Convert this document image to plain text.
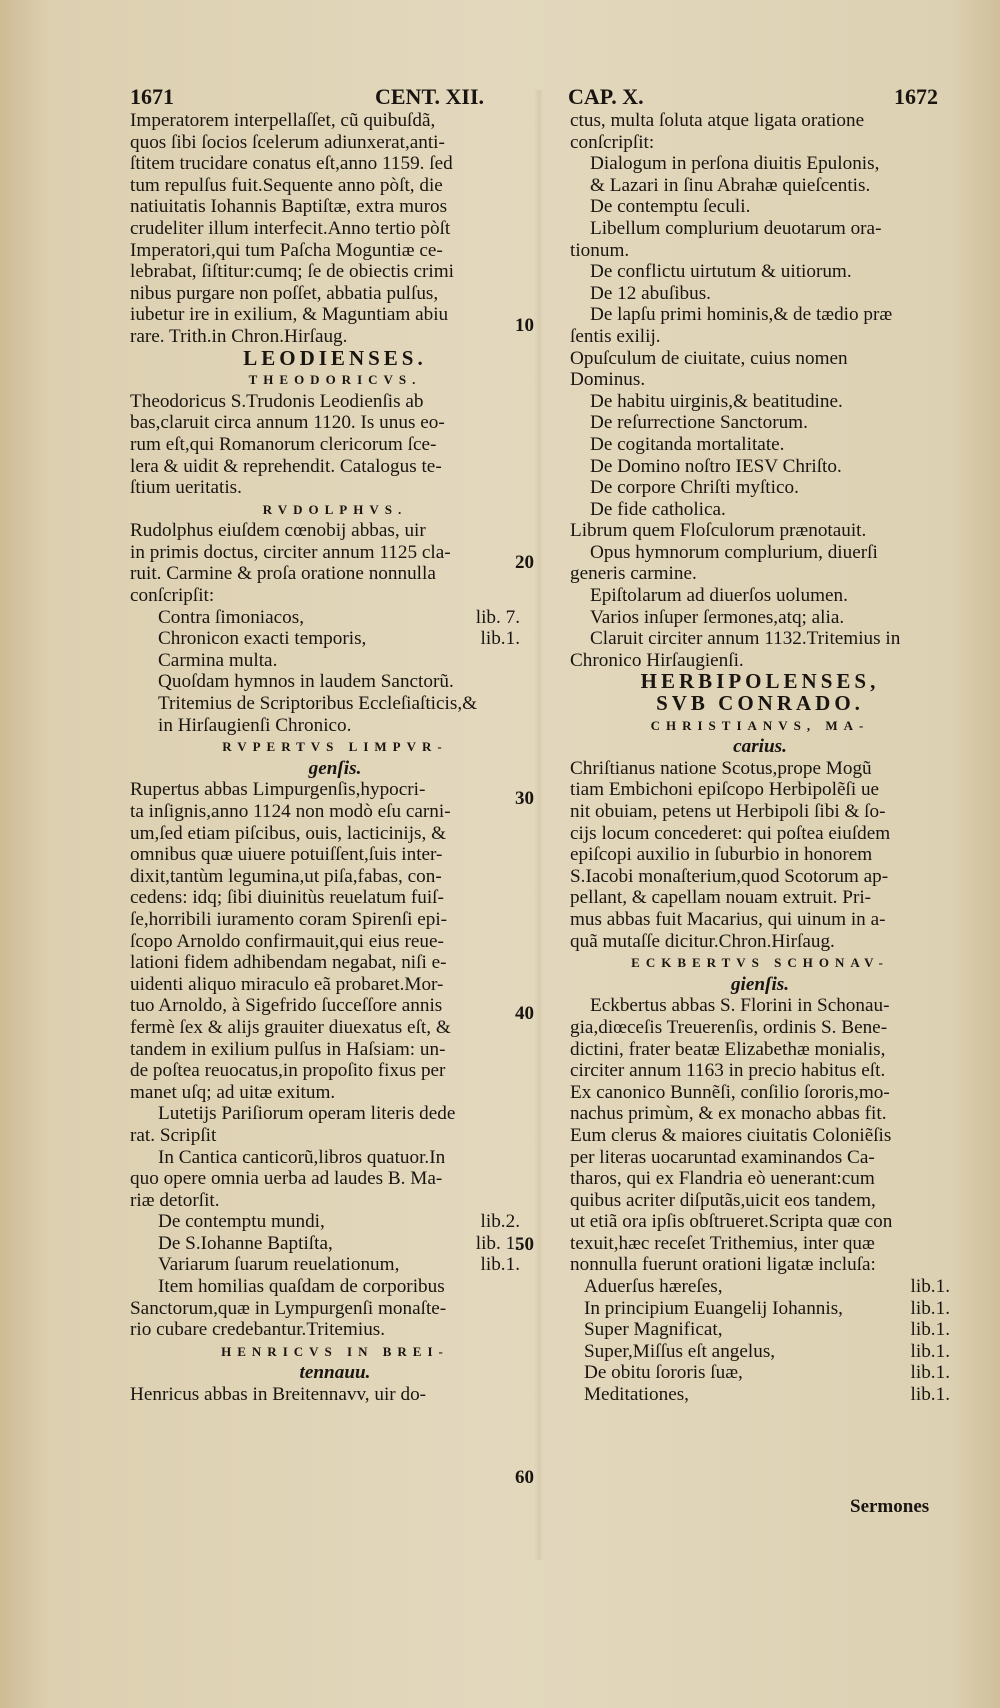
1671	CENT. XII.	CAP. X.	1672
Imperatorem interpellaſſet, cũ quibuſdã,
quos ſibi ſocios ſcelerum adiunxerat,anti-
ſtitem trucidare conatus eſt,anno 1159. ſed
tum repulſus fuit.Sequente anno pòſt, die
natiuitatis Iohannis Baptiſtæ, extra muros
crudeliter illum interfecit.Anno tertio pòſt
Imperatori,qui tum Paſcha Moguntiæ ce-
lebrabat, ſiſtitur:cumq; ſe de obiectis crimi
nibus purgare non poſſet, abbatia pulſus,
iubetur ire in exilium, & Maguntiam abiu
rare. Trith.in Chron.Hirſaug.
LEODIENSES.
THEODORICVS.
Theodoricus S.Trudonis Leodienſis ab
bas,claruit circa annum 1120. Is unus eo-
rum eſt,qui Romanorum clericorum ſce-
lera & uidit & reprehendit. Catalogus te-
ſtium ueritatis.
RVDOLPHVS.
Rudolphus eiuſdem cœnobij abbas, uir
in primis doctus, circiter annum 1125 cla-
ruit. Carmine & proſa oratione nonnulla
conſcripſit:
Contra ſimoniacos,	lib. 7.
Chronicon exacti temporis,	lib.1.
Carmina multa.
Quoſdam hymnos in laudem Sanctorũ.
Tritemius de Scriptoribus Eccleſiaſticis,&
in Hirſaugienſi Chronico.
RVPERTVS LIMPVR-
genſis.
Rupertus abbas Limpurgenſis,hypocri-
ta inſignis,anno 1124 non modò eſu carni-
um,ſed etiam piſcibus, ouis, lacticinijs, &
omnibus quæ uiuere potuiſſent,ſuis inter-
dixit,tantùm legumina,ut piſa,fabas, con-
cedens: idq; ſibi diuinitùs reuelatum fuiſ-
ſe,horribili iuramento coram Spirenſi epi-
ſcopo Arnoldo confirmauit,qui eius reue-
lationi fidem adhibendam negabat, niſi e-
uidenti aliquo miraculo eã probaret.Mor-
tuo Arnoldo, à Sigefrido ſucceſſore annis
fermè ſex & alijs grauiter diuexatus eſt, &
tandem in exilium pulſus in Haſsiam: un-
de poſtea reuocatus,in propoſito fixus per
manet uſq; ad uitæ exitum.
Lutetijs Pariſiorum operam literis dede
rat. Scripſit
In Cantica canticorũ,libros quatuor.In
quo opere omnia uerba ad laudes B. Ma-
riæ detorſit.
De contemptu mundi,	lib.2.
De S.Iohanne Baptiſta,	lib. 1.
Variarum ſuarum reuelationum,	lib.1.
Item homilias quaſdam de corporibus
Sanctorum,quæ in Lympurgenſi monaſte-
rio cubare credebantur.Tritemius.
HENRICVS IN BREI-
tennauu.
Henricus abbas in Breitennavv, uir do-
ctus, multa ſoluta atque ligata oratione
conſcripſit:
Dialogum in perſona diuitis Epulonis,
& Lazari in ſinu Abrahæ quieſcentis.
De contemptu ſeculi.
Libellum complurium deuotarum ora-
tionum.
De conflictu uirtutum & uitiorum.
De 12 abuſibus.
De lapſu primi hominis,& de tædio præ
ſentis exilij.
Opuſculum de ciuitate, cuius nomen
Dominus.
De habitu uirginis,& beatitudine.
De reſurrectione Sanctorum.
De cogitanda mortalitate.
De Domino noſtro IESV Chriſto.
De corpore Chriſti myſtico.
De fide catholica.
Librum quem Floſculorum prænotauit.
Opus hymnorum complurium, diuerſi
generis carmine.
Epiſtolarum ad diuerſos uolumen.
Varios inſuper ſermones,atq; alia.
Claruit circiter annum 1132.Tritemius in
Chronico Hirſaugienſi.
HERBIPOLENSES,
SVB CONRADO.
CHRISTIANVS, MA-
carius.
Chriſtianus natione Scotus,prope Mogũ
tiam Embichoni epiſcopo Herbipolẽſi ue
nit obuiam, petens ut Herbipoli ſibi & ſo-
cijs locum concederet: qui poſtea eiuſdem
epiſcopi auxilio in ſuburbio in honorem
S.Iacobi monaſterium,quod Scotorum ap-
pellant, & capellam nouam extruit. Pri-
mus abbas fuit Macarius, qui uinum in a-
quã mutaſſe dicitur.Chron.Hirſaug.
ECKBERTVS SCHONAV-
gienſis.
Eckbertus abbas S. Florini in Schonau-
gia,diœceſis Treuerenſis, ordinis S. Bene-
dictini, frater beatæ Elizabethæ monialis,
circiter annum 1163 in precio habitus eſt.
Ex canonico Bunnẽſi, conſilio ſororis,mo-
nachus primùm, & ex monacho abbas fit.
Eum clerus & maiores ciuitatis Coloniẽſis
per literas uocaruntad examinandos Ca-
tharos, qui ex Flandria eò uenerant:cum
quibus acriter diſputãs,uicit eos tandem,
ut etiã ora ipſis obſtrueret.Scripta quæ con
texuit,hæc receſet Trithemius, inter quæ
nonnulla fuerunt orationi ligatæ incluſa:
Aduerſus hæreſes,	lib.1.
In principium Euangelij Iohannis,	lib.1.
Super Magnificat,	lib.1.
Super,Miſſus eſt angelus,	lib.1.
De obitu ſororis ſuæ,	lib.1.
Meditationes,	lib.1.
10
20
30
40
50
60
Sermones
